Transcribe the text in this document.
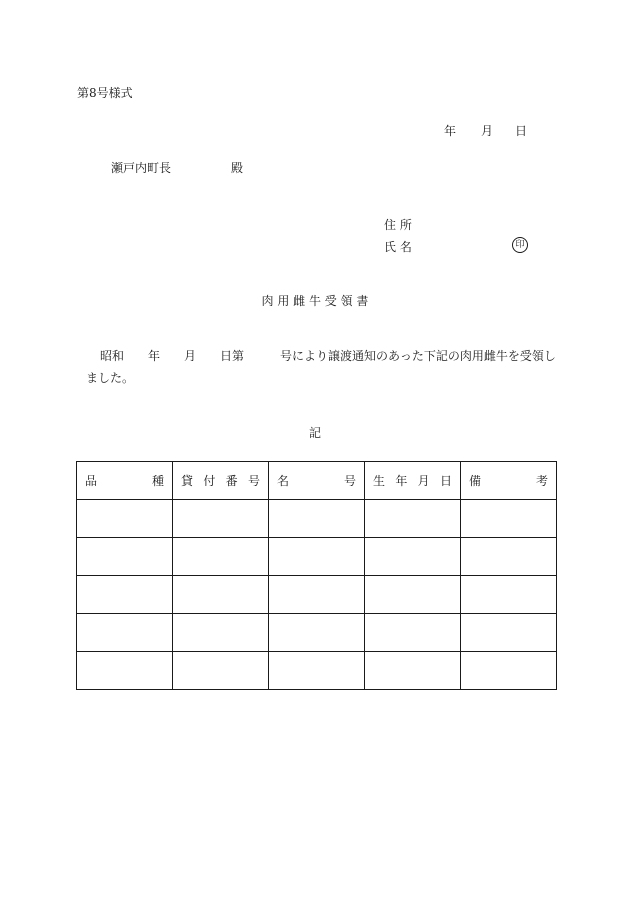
第8号様式
年 月 日
瀬戸内町長	殿
住 所
氏 名	印
肉 用 雌 牛 受 領 書
昭和　　年　　月　　日第　　　号により譲渡通知のあった下記の肉用雌牛を受領し
ました。
記
品 種	貸 付 番 号	名 号	生 年 月 日	備 考
